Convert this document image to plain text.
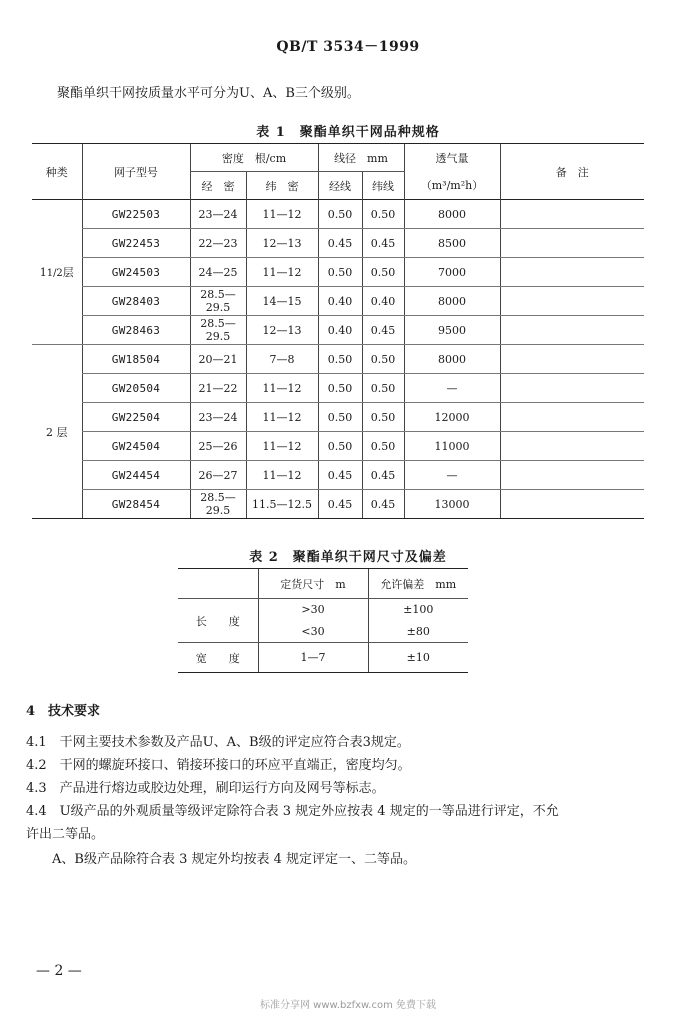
QB/T 3534－1999
聚酯单织干网按质量水平可分为U、A、B三个级别。
表 1　聚酯单织干网品种规格
种类	网子型号	密度　根/cm		线径　mm		透气量	备　注
		经　密	纬　密	经线	纬线	（m³/m²h）	
11/2层	GW22503	23—24	11—12	0.50	0.50	8000	
	GW22453	22—23	12—13	0.45	0.45	8500	
	GW24503	24—25	11—12	0.50	0.50	7000	
	GW28403	28.5—29.5	14—15	0.40	0.40	8000	
	GW28463	28.5—29.5	12—13	0.40	0.45	9500	
2 层	GW18504	20—21	7—8	0.50	0.50	8000	
	GW20504	21—22	11—12	0.50	0.50	—	
	GW22504	23—24	11—12	0.50	0.50	12000	
	GW24504	25—26	11—12	0.50	0.50	11000	
	GW24454	26—27	11—12	0.45	0.45	—	
	GW28454	28.5—29.5	11.5—12.5	0.45	0.45	13000	
表 2　聚酯单织干网尺寸及偏差
	定货尺寸　m	允许偏差　mm
长　　度	>30	±100
	<30	±80
宽　　度	1—7	±10
4　技术要求
4.1　干网主要技术参数及产品U、A、B级的评定应符合表3规定。
4.2　干网的螺旋环接口、销接环接口的环应平直端正，密度均匀。
4.3　产品进行熔边或胶边处理，刷印运行方向及网号等标志。
4.4　U级产品的外观质量等级评定除符合表 3 规定外应按表 4 规定的一等品进行评定，不允
许出二等品。
A、B级产品除符合表 3 规定外均按表 4 规定评定一、二等品。
— 2 —
标准分享网 www.bzfxw.com 免费下载
